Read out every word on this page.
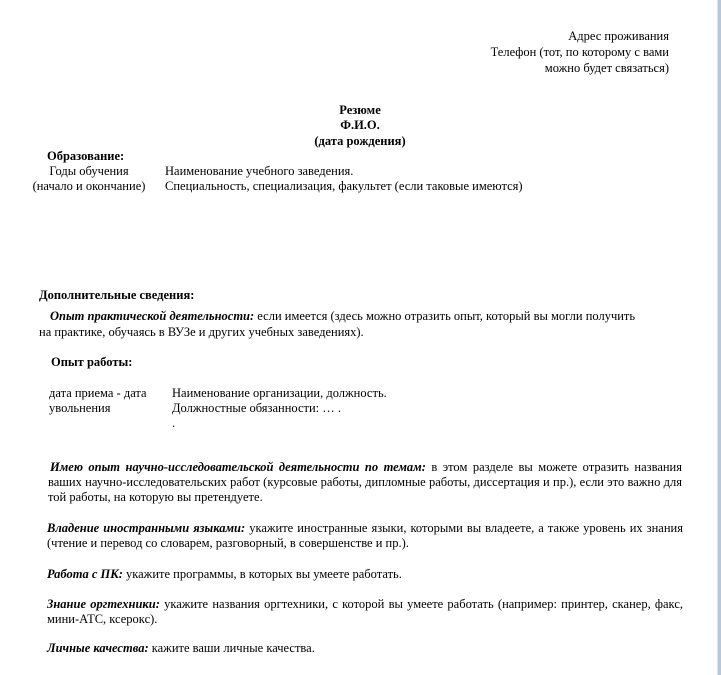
Адрес проживания
Телефон (тот, по которому с вами
можно будет связаться)
Резюме
Ф.И.О.
(дата рождения)
Образование:
Годы обучения
(начало и окончание)
Наименование учебного заведения.
Специальность, специализация, факультет (если таковые имеются)
Дополнительные сведения:
Опыт практической деятельности: если имеется (здесь можно отразить опыт, который вы могли получить
на практике, обучаясь в ВУЗе и других учебных заведениях).
Опыт работы:
дата приема - дата
увольнения
Наименование организации, должность.
Должностные обязанности: … .
.
Имею опыт научно-исследовательской деятельности по темам: в этом разделе вы можете отразить названия ваших научно-исследовательских работ (курсовые работы, дипломные работы, диссертация и пр.), если это важно для той работы, на которую вы претендуете.
Владение иностранными языками: укажите иностранные языки, которыми вы владеете, а также уровень их знания (чтение и перевод со словарем, разговорный, в совершенстве и пр.).
Работа с ПК: укажите программы, в которых вы умеете работать.
Знание оргтехники: укажите названия оргтехники, с которой вы умеете работать (например: принтер, сканер, факс, мини-АТС, ксерокс).
Личные качества: кажите ваши личные качества.
